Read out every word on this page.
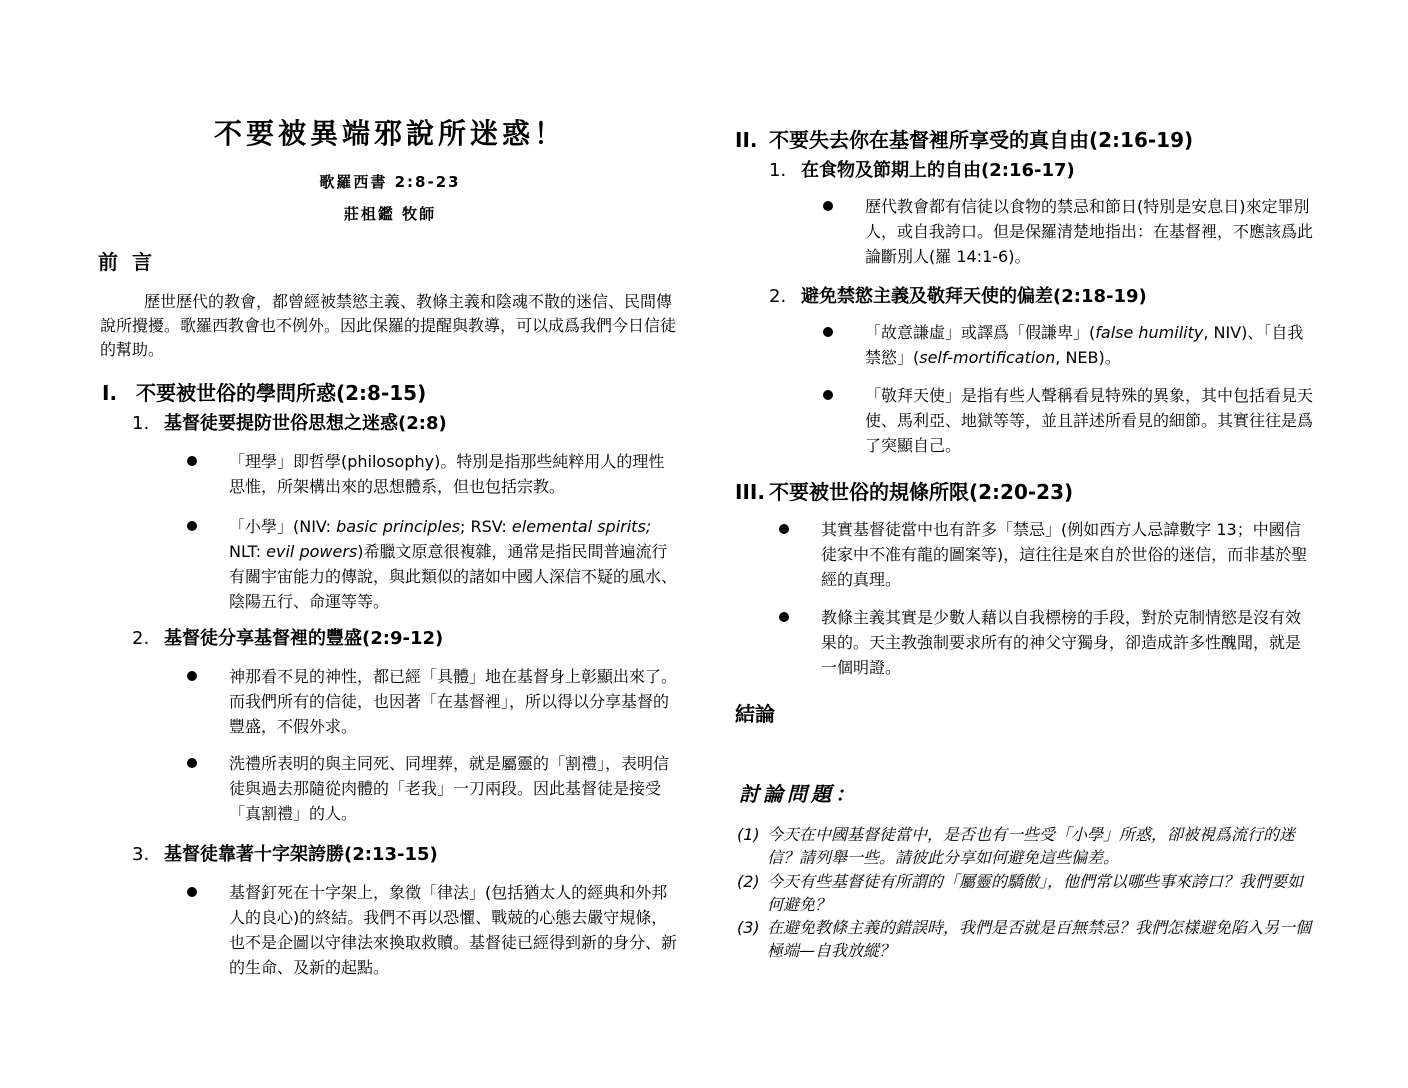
不要被異端邪說所迷惑！
歌羅西書 2:8-23
莊柤鑑 牧師
前言
歷世歷代的教會，都曾經被禁慾主義、教條主義和陰魂不散的迷信、民間傳說所攪擾。歌羅西教會也不例外。因此保羅的提醒與教導，可以成爲我們今日信徒的幫助。
I. 不要被世俗的學問所惑(2:8-15)
1. 基督徒要提防世俗思想之迷惑(2:8)
「理學」即哲學(philosophy)。特別是指那些純粹用人的理性思惟，所架構出來的思想體系，但也包括宗教。
「小學」(NIV: basic principles; RSV: elemental spirits; NLT: evil powers)希臘文原意很複雜，通常是指民間普遍流行有關宇宙能力的傳說，與此類似的諸如中國人深信不疑的風水、陰陽五行、命運等等。
2. 基督徒分享基督裡的豐盛(2:9-12)
神那看不見的神性，都已經「具體」地在基督身上彰顯出來了。而我們所有的信徒，也因著「在基督裡」，所以得以分享基督的豐盛，不假外求。
洗禮所表明的與主同死、同埋葬，就是屬靈的「割禮」，表明信徒與過去那隨從肉體的「老我」一刀兩段。因此基督徒是接受「真割禮」的人。
3. 基督徒靠著十字架誇勝(2:13-15)
基督釘死在十字架上，象徵「律法」(包括猶太人的經典和外邦人的良心)的終結。我們不再以恐懼、戰兢的心態去嚴守規條，也不是企圖以守律法來換取救贖。基督徒已經得到新的身分、新的生命、及新的起點。
II. 不要失去你在基督裡所享受的真自由(2:16-19)
1. 在食物及節期上的自由(2:16-17)
歷代教會都有信徒以食物的禁忌和節日(特別是安息日)來定罪別人，或自我誇口。但是保羅清楚地指出：在基督裡，不應該爲此論斷別人(羅 14:1-6)。
2. 避免禁慾主義及敬拜天使的偏差(2:18-19)
「故意謙虛」或譯爲「假謙卑」(false humility, NIV)、「自我禁慾」(self-mortification, NEB)。
「敬拜天使」是指有些人聲稱看見特殊的異象，其中包括看見天使、馬利亞、地獄等等，並且詳述所看見的細節。其實往往是爲了突顯自己。
III. 不要被世俗的規條所限(2:20-23)
其實基督徒當中也有許多「禁忌」(例如西方人忌諱數字 13；中國信徒家中不准有龍的圖案等)，這往往是來自於世俗的迷信，而非基於聖經的真理。
教條主義其實是少數人藉以自我標榜的手段，對於克制情慾是沒有效果的。天主教強制要求所有的神父守獨身，卻造成許多性醜聞，就是一個明證。
結論
討論問題：
(1) 今天在中國基督徒當中，是否也有一些受「小學」所惑，卻被視爲流行的迷信？請列舉一些。請彼此分享如何避免這些偏差。
(2) 今天有些基督徒有所謂的「屬靈的驕傲」，他們常以哪些事來誇口？我們要如何避免？
(3) 在避免教條主義的錯誤時，我們是否就是百無禁忌？我們怎樣避免陷入另一個極端—自我放縱？
